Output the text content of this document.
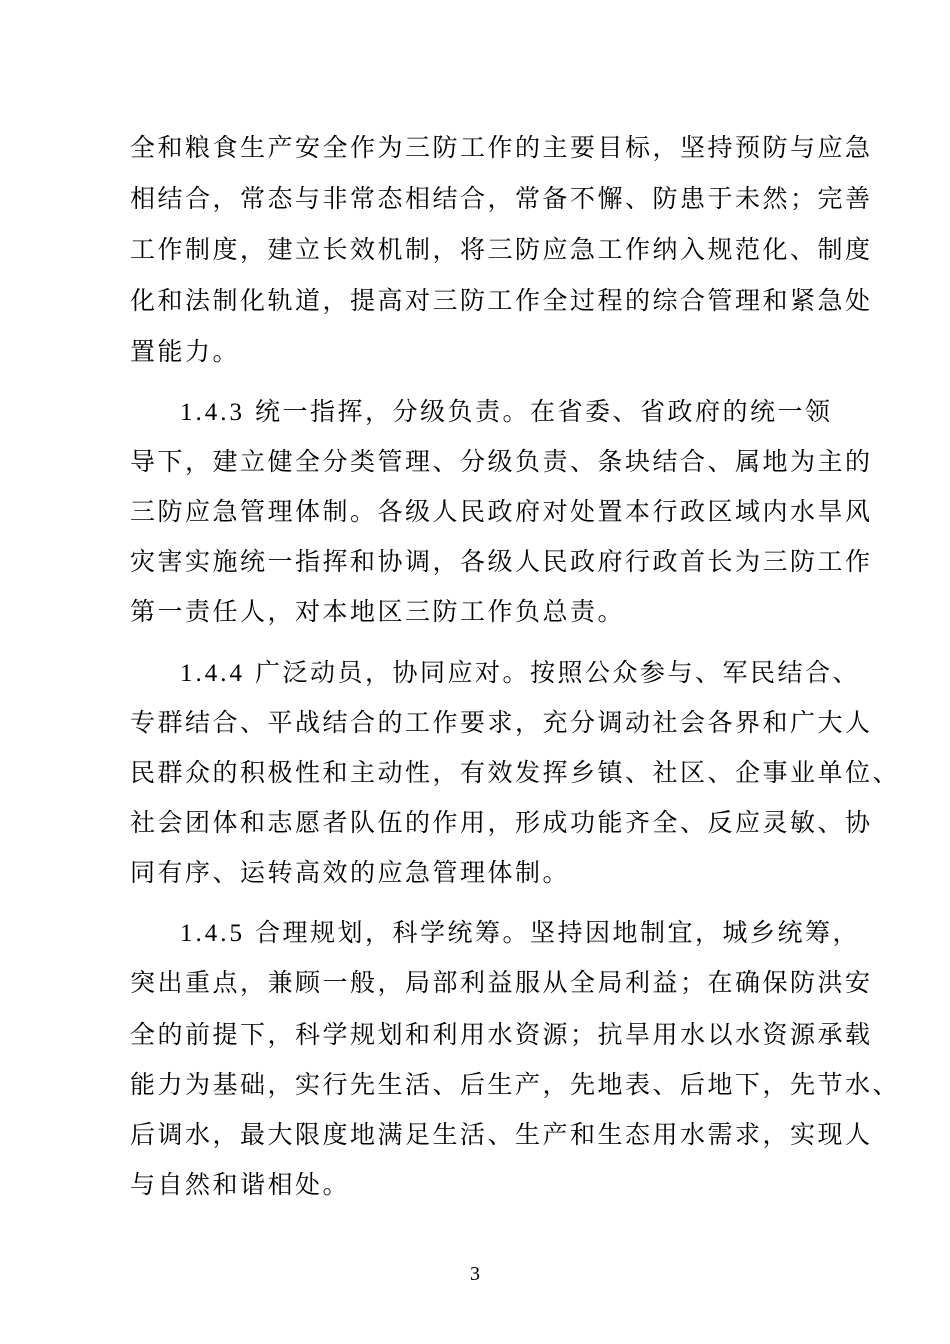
全和粮食生产安全作为三防工作的主要目标，坚持预防与应急
相结合，常态与非常态相结合，常备不懈、防患于未然；完善
工作制度，建立长效机制，将三防应急工作纳入规范化、制度
化和法制化轨道，提高对三防工作全过程的综合管理和紧急处
置能力。
1.4.3 统一指挥，分级负责。在省委、省政府的统一领
导下，建立健全分类管理、分级负责、条块结合、属地为主的
三防应急管理体制。各级人民政府对处置本行政区域内水旱风
灾害实施统一指挥和协调，各级人民政府行政首长为三防工作
第一责任人，对本地区三防工作负总责。
1.4.4 广泛动员，协同应对。按照公众参与、军民结合、
专群结合、平战结合的工作要求，充分调动社会各界和广大人
民群众的积极性和主动性，有效发挥乡镇、社区、企事业单位、
社会团体和志愿者队伍的作用，形成功能齐全、反应灵敏、协
同有序、运转高效的应急管理体制。
1.4.5 合理规划，科学统筹。坚持因地制宜，城乡统筹，
突出重点，兼顾一般，局部利益服从全局利益；在确保防洪安
全的前提下，科学规划和利用水资源；抗旱用水以水资源承载
能力为基础，实行先生活、后生产，先地表、后地下，先节水、
后调水，最大限度地满足生活、生产和生态用水需求，实现人
与自然和谐相处。
3
